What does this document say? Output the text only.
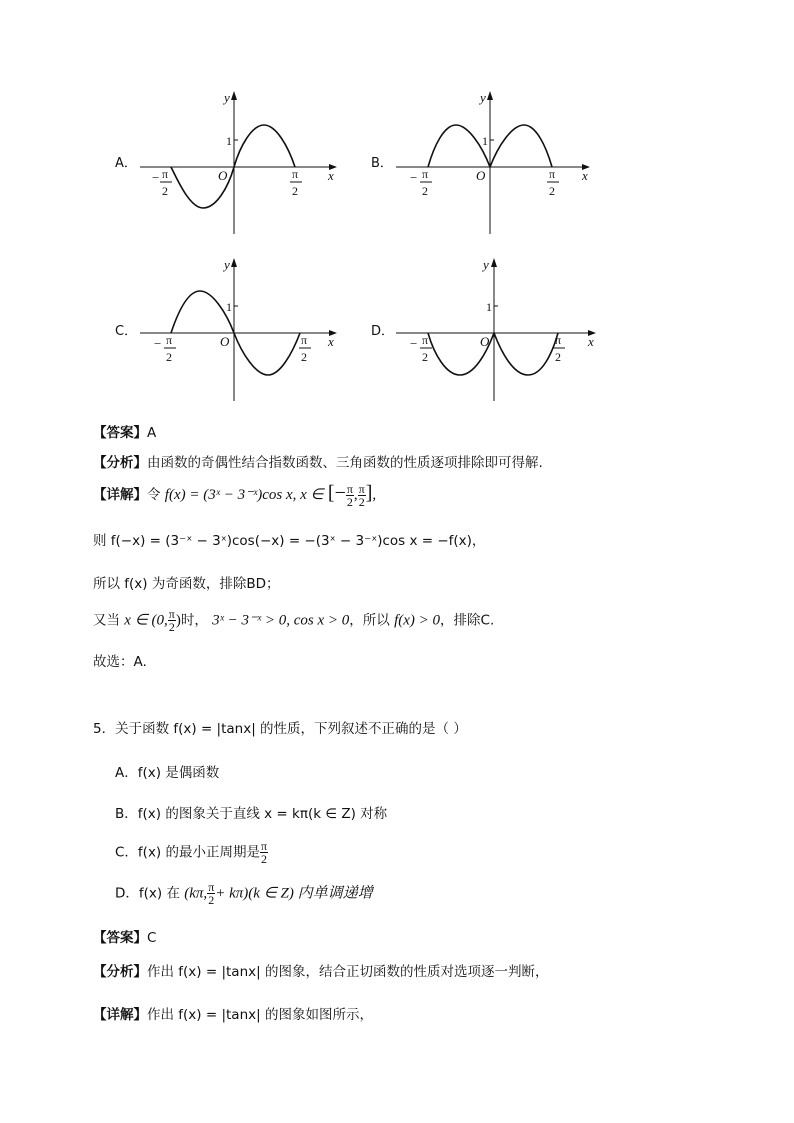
A．
y
x
1
O
− π
2
π
2
B．
y
x
1
O
− π
2
π
2
C．
y
x
1
O
− π
2
π
2
D．
y
x
1
O
− π
2
π
2
【答案】A
【分析】由函数的奇偶性结合指数函数、三角函数的性质逐项排除即可得解.
【详解】令 f(x) = (3ˣ − 3⁻ˣ)cos x, x ∈ [− $\frac{\pi}{2}$ , $\frac{\pi}{2}$ ],
则 f(−x) = (3⁻ˣ − 3ˣ)cos(−x) = −(3ˣ − 3⁻ˣ)cos x = −f(x)，
所以 f(x) 为奇函数，排除BD；
又当 x ∈ (0, $\frac{\pi}{2}$ )时， 3ˣ − 3⁻ˣ > 0, cos x > 0，所以 f(x) > 0，排除C.
故选：A.
5．关于函数 f(x) = |tanx| 的性质，下列叙述不正确的是（ ）
A．f(x) 是偶函数
B．f(x) 的图象关于直线 x = kπ(k ∈ Z) 对称
C．f(x) 的最小正周期是 $\frac{\pi}{2}$
D．f(x) 在 (kπ, $\frac{\pi}{2} + k\pi)(k$ ∈ Z) 内单调递增
【答案】C
【分析】作出 f(x) = |tanx| 的图象，结合正切函数的性质对选项逐一判断，
【详解】作出 f(x) = |tanx| 的图象如图所示，
